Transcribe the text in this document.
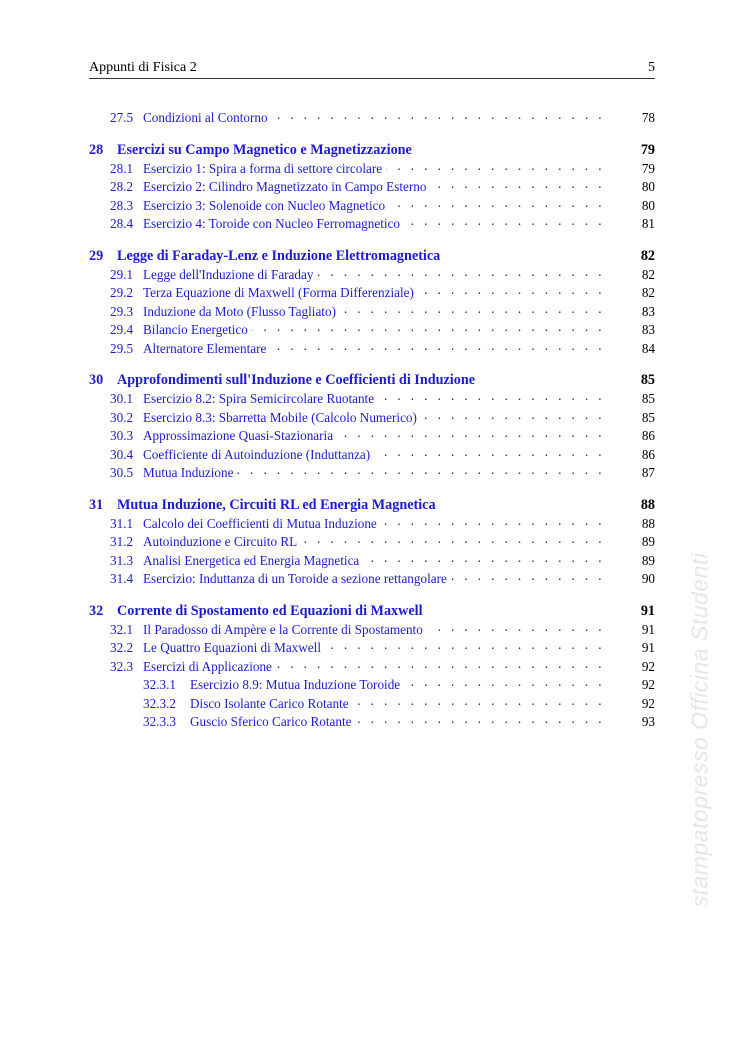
Appunti di Fisica 2	5
27.5 Condizioni al Contorno . . .	78
28 Esercizi su Campo Magnetico e Magnetizzazione	79
28.1 Esercizio 1: Spira a forma di settore circolare . . .	79
28.2 Esercizio 2: Cilindro Magnetizzato in Campo Esterno . . .	80
28.3 Esercizio 3: Solenoide con Nucleo Magnetico . . .	80
28.4 Esercizio 4: Toroide con Nucleo Ferromagnetico . . .	81
29 Legge di Faraday-Lenz e Induzione Elettromagnetica	82
29.1 Legge dell'Induzione di Faraday . . .	82
29.2 Terza Equazione di Maxwell (Forma Differenziale) . . .	82
29.3 Induzione da Moto (Flusso Tagliato) . . .	83
29.4 Bilancio Energetico . . .	83
29.5 Alternatore Elementare . . .	84
30 Approfondimenti sull'Induzione e Coefficienti di Induzione	85
30.1 Esercizio 8.2: Spira Semicircolare Ruotante . . .	85
30.2 Esercizio 8.3: Sbarretta Mobile (Calcolo Numerico) . . .	85
30.3 Approssimazione Quasi-Stazionaria . . .	86
30.4 Coefficiente di Autoinduzione (Induttanza) . . .	86
30.5 Mutua Induzione . . .	87
31 Mutua Induzione, Circuiti RL ed Energia Magnetica	88
31.1 Calcolo dei Coefficienti di Mutua Induzione . . .	88
31.2 Autoinduzione e Circuito RL . . .	89
31.3 Analisi Energetica ed Energia Magnetica . . .	89
31.4 Esercizio: Induttanza di un Toroide a sezione rettangolare . . .	90
32 Corrente di Spostamento ed Equazioni di Maxwell	91
32.1 Il Paradosso di Ampère e la Corrente di Spostamento . . .	91
32.2 Le Quattro Equazioni di Maxwell . . .	91
32.3 Esercizi di Applicazione . . .	92
32.3.1	Esercizio 8.9: Mutua Induzione Toroide . . .	92
32.3.2	Disco Isolante Carico Rotante . . .	92
32.3.3	Guscio Sferico Carico Rotante . . .	93 stampatopresso Officina Studenti
